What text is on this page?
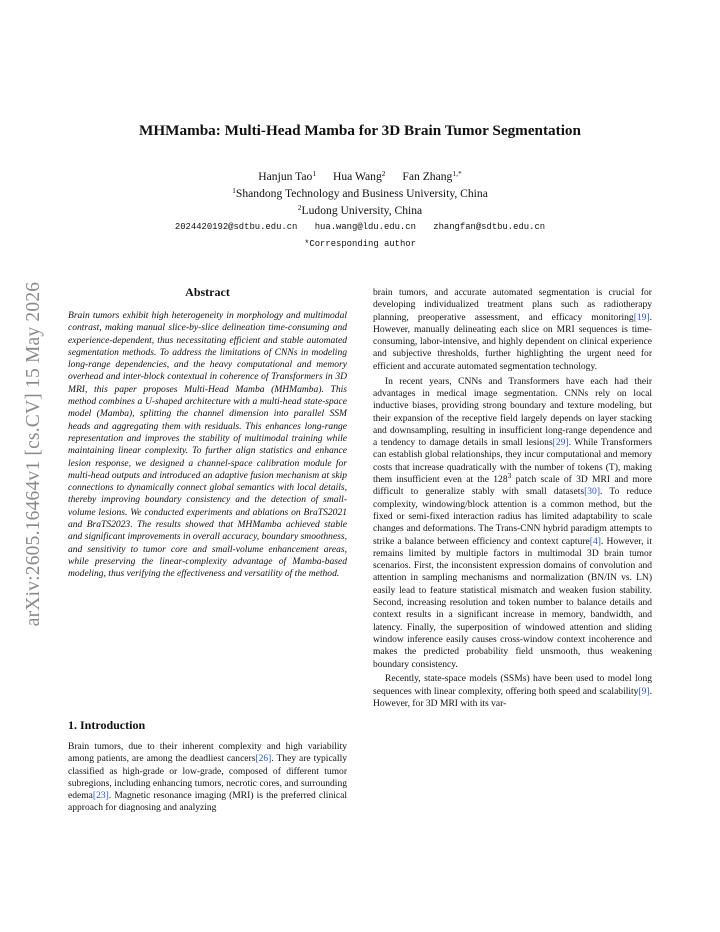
arXiv:2605.16464v1 [cs.CV] 15 May 2026
MHMamba: Multi-Head Mamba for 3D Brain Tumor Segmentation
Hanjun Tao$^1$ Hua Wang$^2$ Fan Zhang$^{1,*}$
$^1$Shandong Technology and Business University, China
$^2$Ludong University, China
2024420192@sdtbu.edu.cn hua.wang@ldu.edu.cn zhangfan@sdtbu.edu.cn
*Corresponding author
Abstract
Brain tumors exhibit high heterogeneity in morphology and multimodal contrast, making manual slice-by-slice delineation time-consuming and experience-dependent, thus necessitating efficient and stable automated segmentation methods. To address the limitations of CNNs in modeling long-range dependencies, and the heavy computational and memory overhead and inter-block contextual in coherence of Transformers in 3D MRI, this paper proposes Multi-Head Mamba (MHMamba). This method combines a U-shaped architecture with a multi-head state-space model (Mamba), splitting the channel dimension into parallel SSM heads and aggregating them with residuals. This enhances long-range representation and improves the stability of multimodal training while maintaining linear complexity. To further align statistics and enhance lesion response, we designed a channel-space calibration module for multi-head outputs and introduced an adaptive fusion mechanism at skip connections to dynamically connect global semantics with local details, thereby improving boundary consistency and the detection of small-volume lesions. We conducted experiments and ablations on BraTS2021 and BraTS2023. The results showed that MHMamba achieved stable and significant improvements in overall accuracy, boundary smoothness, and sensitivity to tumor core and small-volume enhancement areas, while preserving the linear-complexity advantage of Mamba-based modeling, thus verifying the effectiveness and versatility of the method.
1. Introduction

Brain tumors, due to their inherent complexity and high variability among patients, are among the deadliest cancers[26]. They are typically classified as high-grade or low-grade, composed of different tumor subregions, including enhancing tumors, necrotic cores, and surrounding edema[23]. Magnetic resonance imaging (MRI) is the preferred clinical approach for diagnosing and analyzing

brain tumors, and accurate automated segmentation is crucial for developing individualized treatment plans such as radiotherapy planning, preoperative assessment, and efficacy monitoring[19]. However, manually delineating each slice on MRI sequences is time-consuming, labor-intensive, and highly dependent on clinical experience and subjective thresholds, further highlighting the urgent need for efficient and accurate automated segmentation technology.

In recent years, CNNs and Transformers have each had their advantages in medical image segmentation. CNNs rely on local inductive biases, providing strong boundary and texture modeling, but their expansion of the receptive field largely depends on layer stacking and downsampling, resulting in insufficient long-range dependence and a tendency to damage details in small lesions[29]. While Transformers can establish global relationships, they incur computational and memory costs that increase quadratically with the number of tokens (T), making them insufficient even at the $128^3$ patch scale of 3D MRI and more difficult to generalize stably with small datasets[30]. To reduce complexity, windowing/block attention is a common method, but the fixed or semi-fixed interaction radius has limited adaptability to scale changes and deformations. The Trans-CNN hybrid paradigm attempts to strike a balance between efficiency and context capture[4]. However, it remains limited by multiple factors in multimodal 3D brain tumor scenarios. First, the inconsistent expression domains of convolution and attention in sampling mechanisms and normalization (BN/IN vs. LN) easily lead to feature statistical mismatch and weaken fusion stability. Second, increasing resolution and token number to balance details and context results in a significant increase in memory, bandwidth, and latency. Finally, the superposition of windowed attention and sliding window inference easily causes cross-window context incoherence and makes the predicted probability field unsmooth, thus weakening boundary consistency.

Recently, state-space models (SSMs) have been used to model long sequences with linear complexity, offering both speed and scalability[9]. However, for 3D MRI with its var-
